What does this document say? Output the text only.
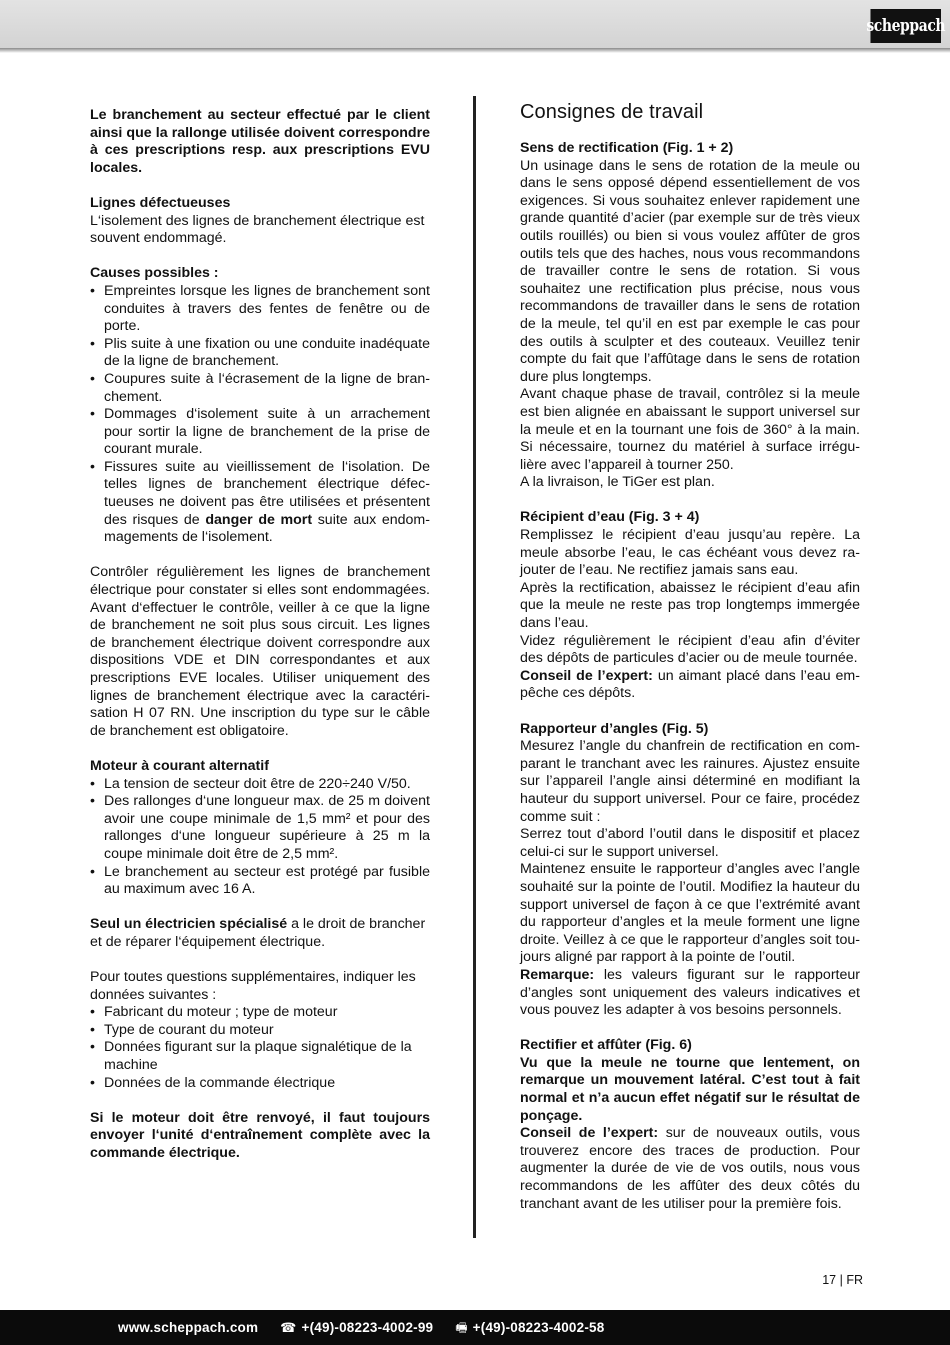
scheppach

Le branchement au secteur effectué par le client ainsi que la rallonge utilisée doivent correspondre à ces prescriptions resp. aux prescriptions EVU locales.

Lignes défectueuses

L‘isolement des lignes de branchement électrique est souvent endommagé.

Causes possibles :

• Empreintes lorsque les lignes de branchement sont conduites à travers des fentes de fenêtre ou de porte.
• Plis suite à une fixation ou une conduite inadéquate de la ligne de branchement.
• Coupures suite à l‘écrasement de la ligne de branchement.
• Dommages d‘isolement suite à un arrachement pour sortir la ligne de branchement de la prise de courant murale.
• Fissures suite au vieillissement de l‘isolation. De telles lignes de branchement électrique défectueuses ne doivent pas être utilisées et présentent des risques de danger de mort suite aux endommagements de l‘isolement.

Contrôler régulièrement les lignes de branchement électrique pour constater si elles sont endommagées. Avant d‘effectuer le contrôle, veiller à ce que la ligne de branchement ne soit plus sous circuit. Les lignes de branchement électrique doivent correspondre aux dispositions VDE et DIN correspondantes et aux prescriptions EVE locales. Utiliser uniquement des lignes de branchement électrique avec la caractérisation H 07 RN. Une inscription du type sur le câble de branchement est obligatoire.

Moteur à courant alternatif

• La tension de secteur doit être de 220÷240 V/50.
• Des rallonges d‘une longueur max. de 25 m doivent avoir une coupe minimale de 1,5 mm² et pour des rallonges d‘une longueur supérieure à 25 m la coupe minimale doit être de 2,5 mm².
• Le branchement au secteur est protégé par fusible au maximum avec 16 A.

Seul un électricien spécialisé a le droit de brancher et de réparer l‘équipement électrique.

Pour toutes questions supplémentaires, indiquer les données suivantes :

• Fabricant du moteur ; type de moteur
• Type de courant du moteur
• Données figurant sur la plaque signalétique de la machine
• Données de la commande électrique

Si le moteur doit être renvoyé, il faut toujours envoyer l‘unité d‘entraînement complète avec la commande électrique.

Consignes de travail

Sens de rectification (Fig. 1 + 2)

Un usinage dans le sens de rotation de la meule ou dans le sens opposé dépend essentiellement de vos exigences. Si vous souhaitez enlever rapidement une grande quantité d’acier (par exemple sur de très vieux outils rouillés) ou bien si vous voulez affûter de gros outils tels que des haches, nous vous recommandons de travailler contre le sens de rotation. Si vous souhaitez une rectification plus précise, nous vous recommandons de travailler dans le sens de rotation de la meule, tel qu’il en est par exemple le cas pour des outils à sculpter et des couteaux. Veuillez tenir compte du fait que l’affûtage dans le sens de rotation dure plus longtemps.

Avant chaque phase de travail, contrôlez si la meule est bien alignée en abaissant le support universel sur la meule et en la tournant une fois de 360° à la main. Si nécessaire, tournez du matériel à surface irrégulière avec l’appareil à tourner 250.

A la livraison, le TiGer est plan.

Récipient d’eau (Fig. 3 + 4)

Remplissez le récipient d’eau jusqu’au repère. La meule absorbe l’eau, le cas échéant vous devez rajouter de l’eau. Ne rectifiez jamais sans eau.

Après la rectification, abaissez le récipient d’eau afin que la meule ne reste pas trop longtemps immergée dans l’eau.

Videz régulièrement le récipient d’eau afin d’éviter des dépôts de particules d’acier ou de meule tournée.

Conseil de l’expert: un aimant placé dans l’eau empêche ces dépôts.

Rapporteur d’angles (Fig. 5)

Mesurez l’angle du chanfrein de rectification en comparant le tranchant avec les rainures. Ajustez ensuite sur l’appareil l’angle ainsi déterminé en modifiant la hauteur du support universel. Pour ce faire, procédez comme suit :

Serrez tout d’abord l’outil dans le dispositif et placez celui-ci sur le support universel.

Maintenez ensuite le rapporteur d’angles avec l’angle souhaité sur la pointe de l’outil. Modifiez la hauteur du support universel de façon à ce que l’extrémité avant du rapporteur d’angles et la meule forment une ligne droite. Veillez à ce que le rapporteur d’angles soit toujours aligné par rapport à la pointe de l’outil.

Remarque: les valeurs figurant sur le rapporteur d’angles sont uniquement des valeurs indicatives et vous pouvez les adapter à vos besoins personnels.

Rectifier et affûter (Fig. 6)

Vu que la meule ne tourne que lentement, on remarque un mouvement latéral. C’est tout à fait normal et n’a aucun effet négatif sur le résultat de ponçage.

Conseil de l’expert: sur de nouveaux outils, vous trouverez encore des traces de production. Pour augmenter la durée de vie de vos outils, nous vous recommandons de les affûter des deux côtés du tranchant avant de les utiliser pour la première fois.

17 | FR
www.scheppach.com ☎ +(49)-08223-4002-99 🖷 +(49)-08223-4002-58
